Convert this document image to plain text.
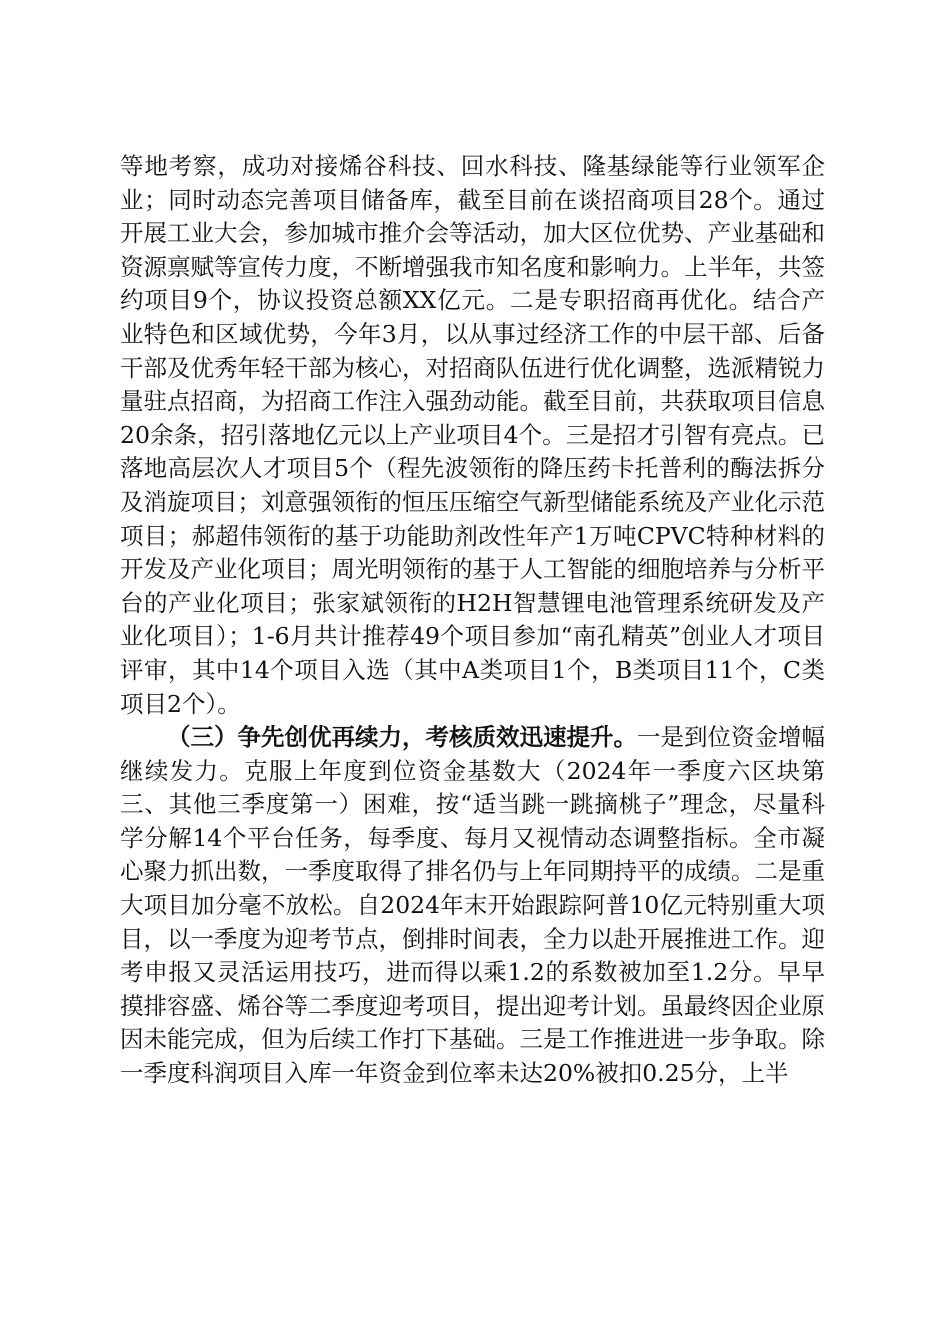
等地考察，成功对接烯谷科技、回水科技、隆基绿能等行业领军企业；同时动态完善项目储备库，截至目前在谈招商项目28个。通过开展工业大会，参加城市推介会等活动，加大区位优势、产业基础和资源禀赋等宣传力度，不断增强我市知名度和影响力。上半年，共签约项目9个，协议投资总额XX亿元。二是专职招商再优化。结合产业特色和区域优势，今年3月，以从事过经济工作的中层干部、后备干部及优秀年轻干部为核心，对招商队伍进行优化调整，选派精锐力量驻点招商，为招商工作注入强劲动能。截至目前，共获取项目信息20余条，招引落地亿元以上产业项目4个。三是招才引智有亮点。已落地高层次人才项目5个（程先波领衔的降压药卡托普利的酶法拆分及消旋项目；刘意强领衔的恒压压缩空气新型储能系统及产业化示范项目；郝超伟领衔的基于功能助剂改性年产1万吨CPVC特种材料的开发及产业化项目；周光明领衔的基于人工智能的细胞培养与分析平台的产业化项目；张家斌领衔的H2H智慧锂电池管理系统研发及产业化项目）；1-6月共计推荐49个项目参加“南孔精英”创业人才项目评审，其中14个项目入选（其中A类项目1个，B类项目11个，C类项目2个）。

（三）争先创优再续力，考核质效迅速提升。一是到位资金增幅继续发力。克服上年度到位资金基数大（2024年一季度六区块第三、其他三季度第一）困难，按“适当跳一跳摘桃子”理念，尽量科学分解14个平台任务，每季度、每月又视情动态调整指标。全市凝心聚力抓出数，一季度取得了排名仍与上年同期持平的成绩。二是重大项目加分毫不放松。自2024年末开始跟踪阿普10亿元特别重大项目，以一季度为迎考节点，倒排时间表，全力以赴开展推进工作。迎考申报又灵活运用技巧，进而得以乘1.2的系数被加至1.2分。早早摸排容盛、烯谷等二季度迎考项目，提出迎考计划。虽最终因企业原因未能完成，但为后续工作打下基础。三是工作推进进一步争取。除一季度科润项目入库一年资金到位率未达20%被扣0.25分，上半
